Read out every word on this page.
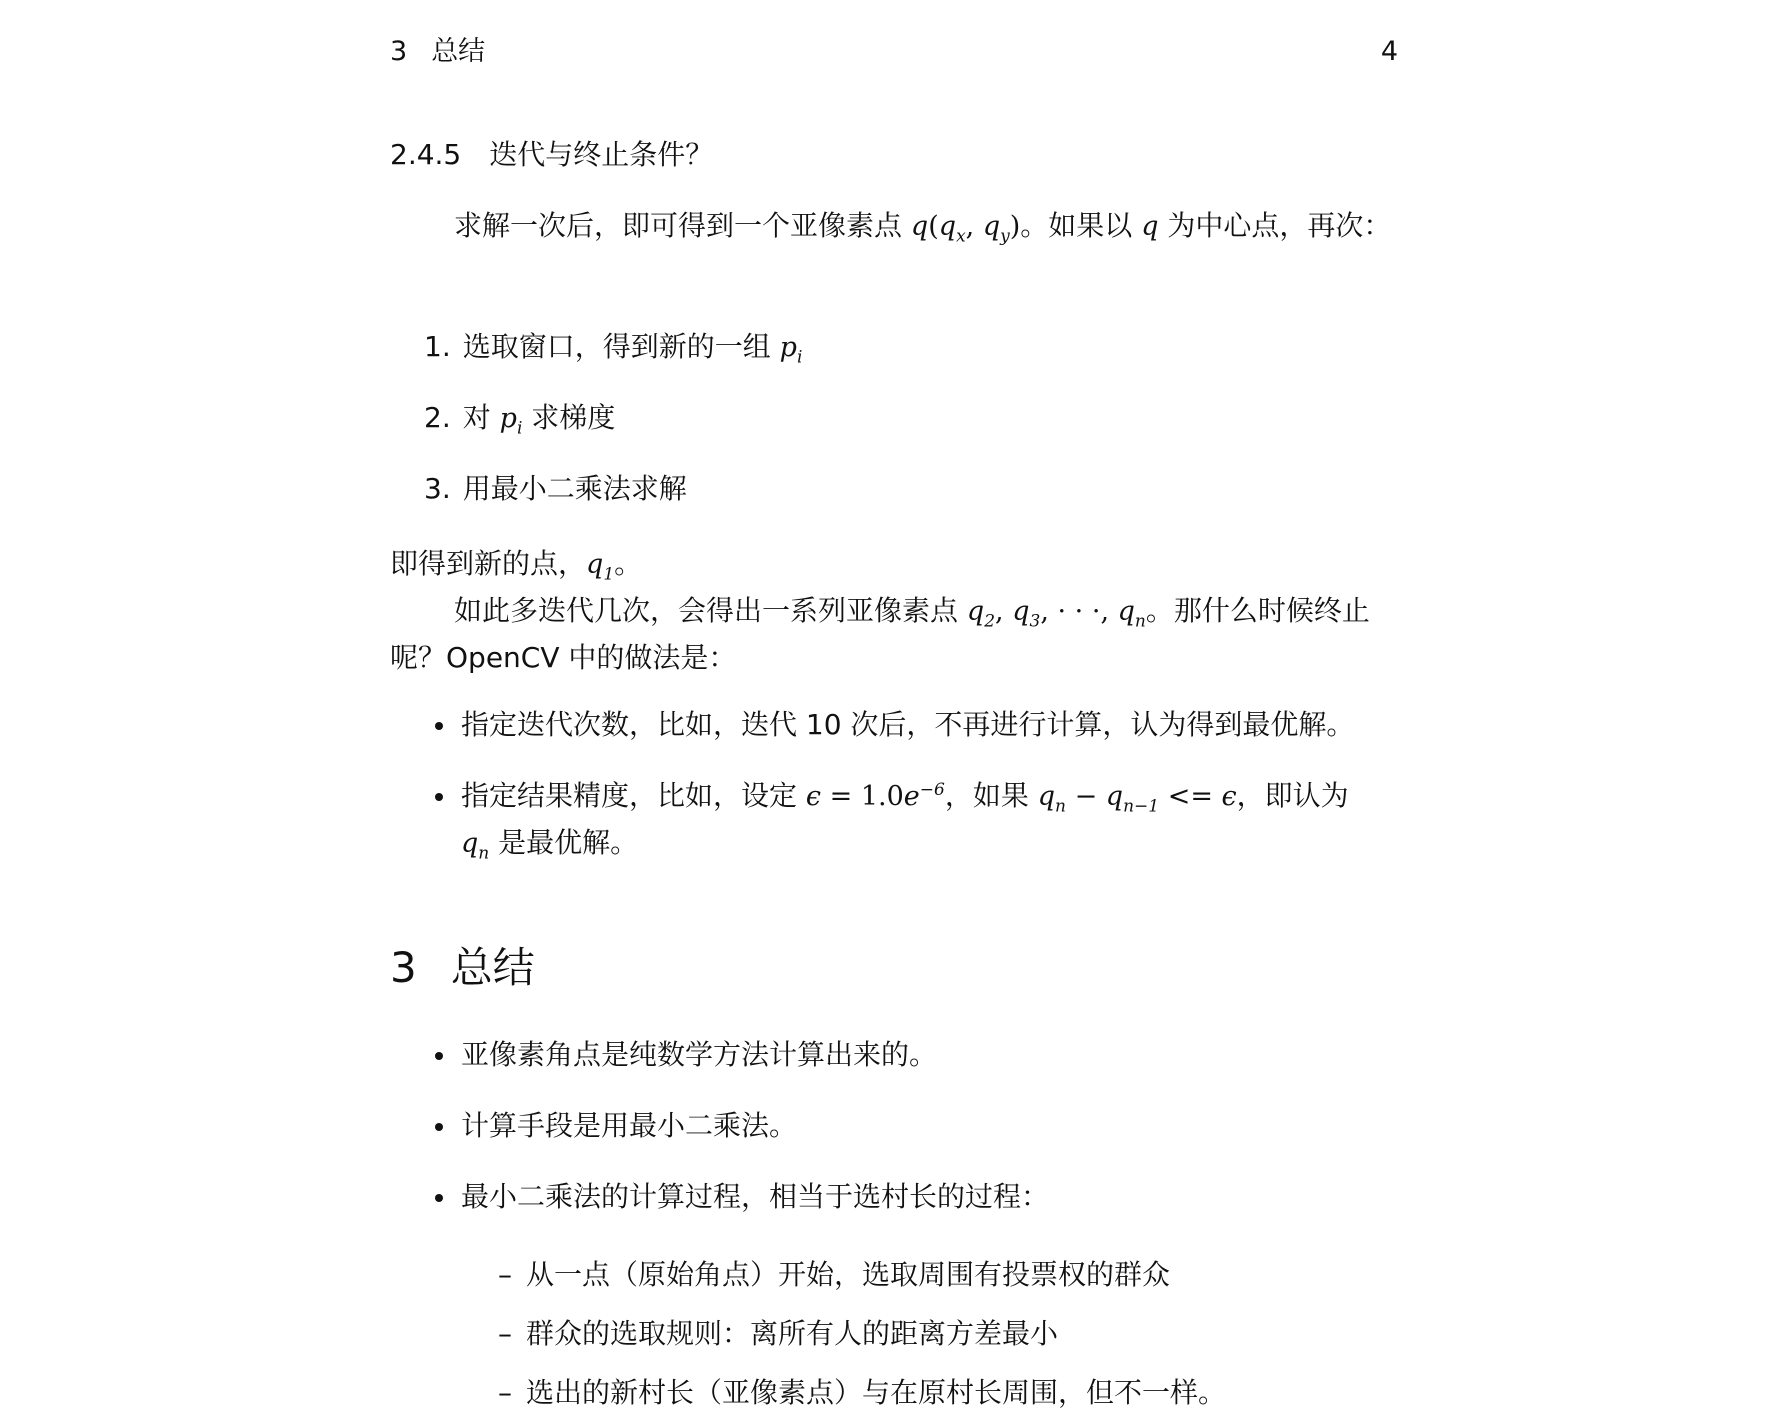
3 总结	4
2.4.5 迭代与终止条件？
求解一次后，即可得到一个亚像素点 $q(q_x$, $q_y$)。如果以 q 为中心点，再次：
1. 选取窗口，得到新的一组 $p_i$
2. 对 $p_i$ 求梯度
3. 用最小二乘法求解
即得到新的点，$q_1$。
如此多迭代几次，会得出一系列亚像素点 $q_2$, $q_3$, · · ·, $q_n$。那什么时候终止呢？OpenCV 中的做法是：
指定迭代次数，比如，迭代 10 次后，不再进行计算，认为得到最优解。
指定结果精度，比如，设定 $\epsilon = 1.0e^{-6}$，如果 $q_n - q_{n-1} <= \epsilon$，即认为
$q_n$ 是最优解。
3 总结
亚像素角点是纯数学方法计算出来的。
计算手段是用最小二乘法。
最小二乘法的计算过程，相当于选村长的过程：
– 从一点（原始角点）开始，选取周围有投票权的群众
– 群众的选取规则：离所有人的距离方差最小
– 选出的新村长（亚像素点）与在原村长周围，但不一样。
